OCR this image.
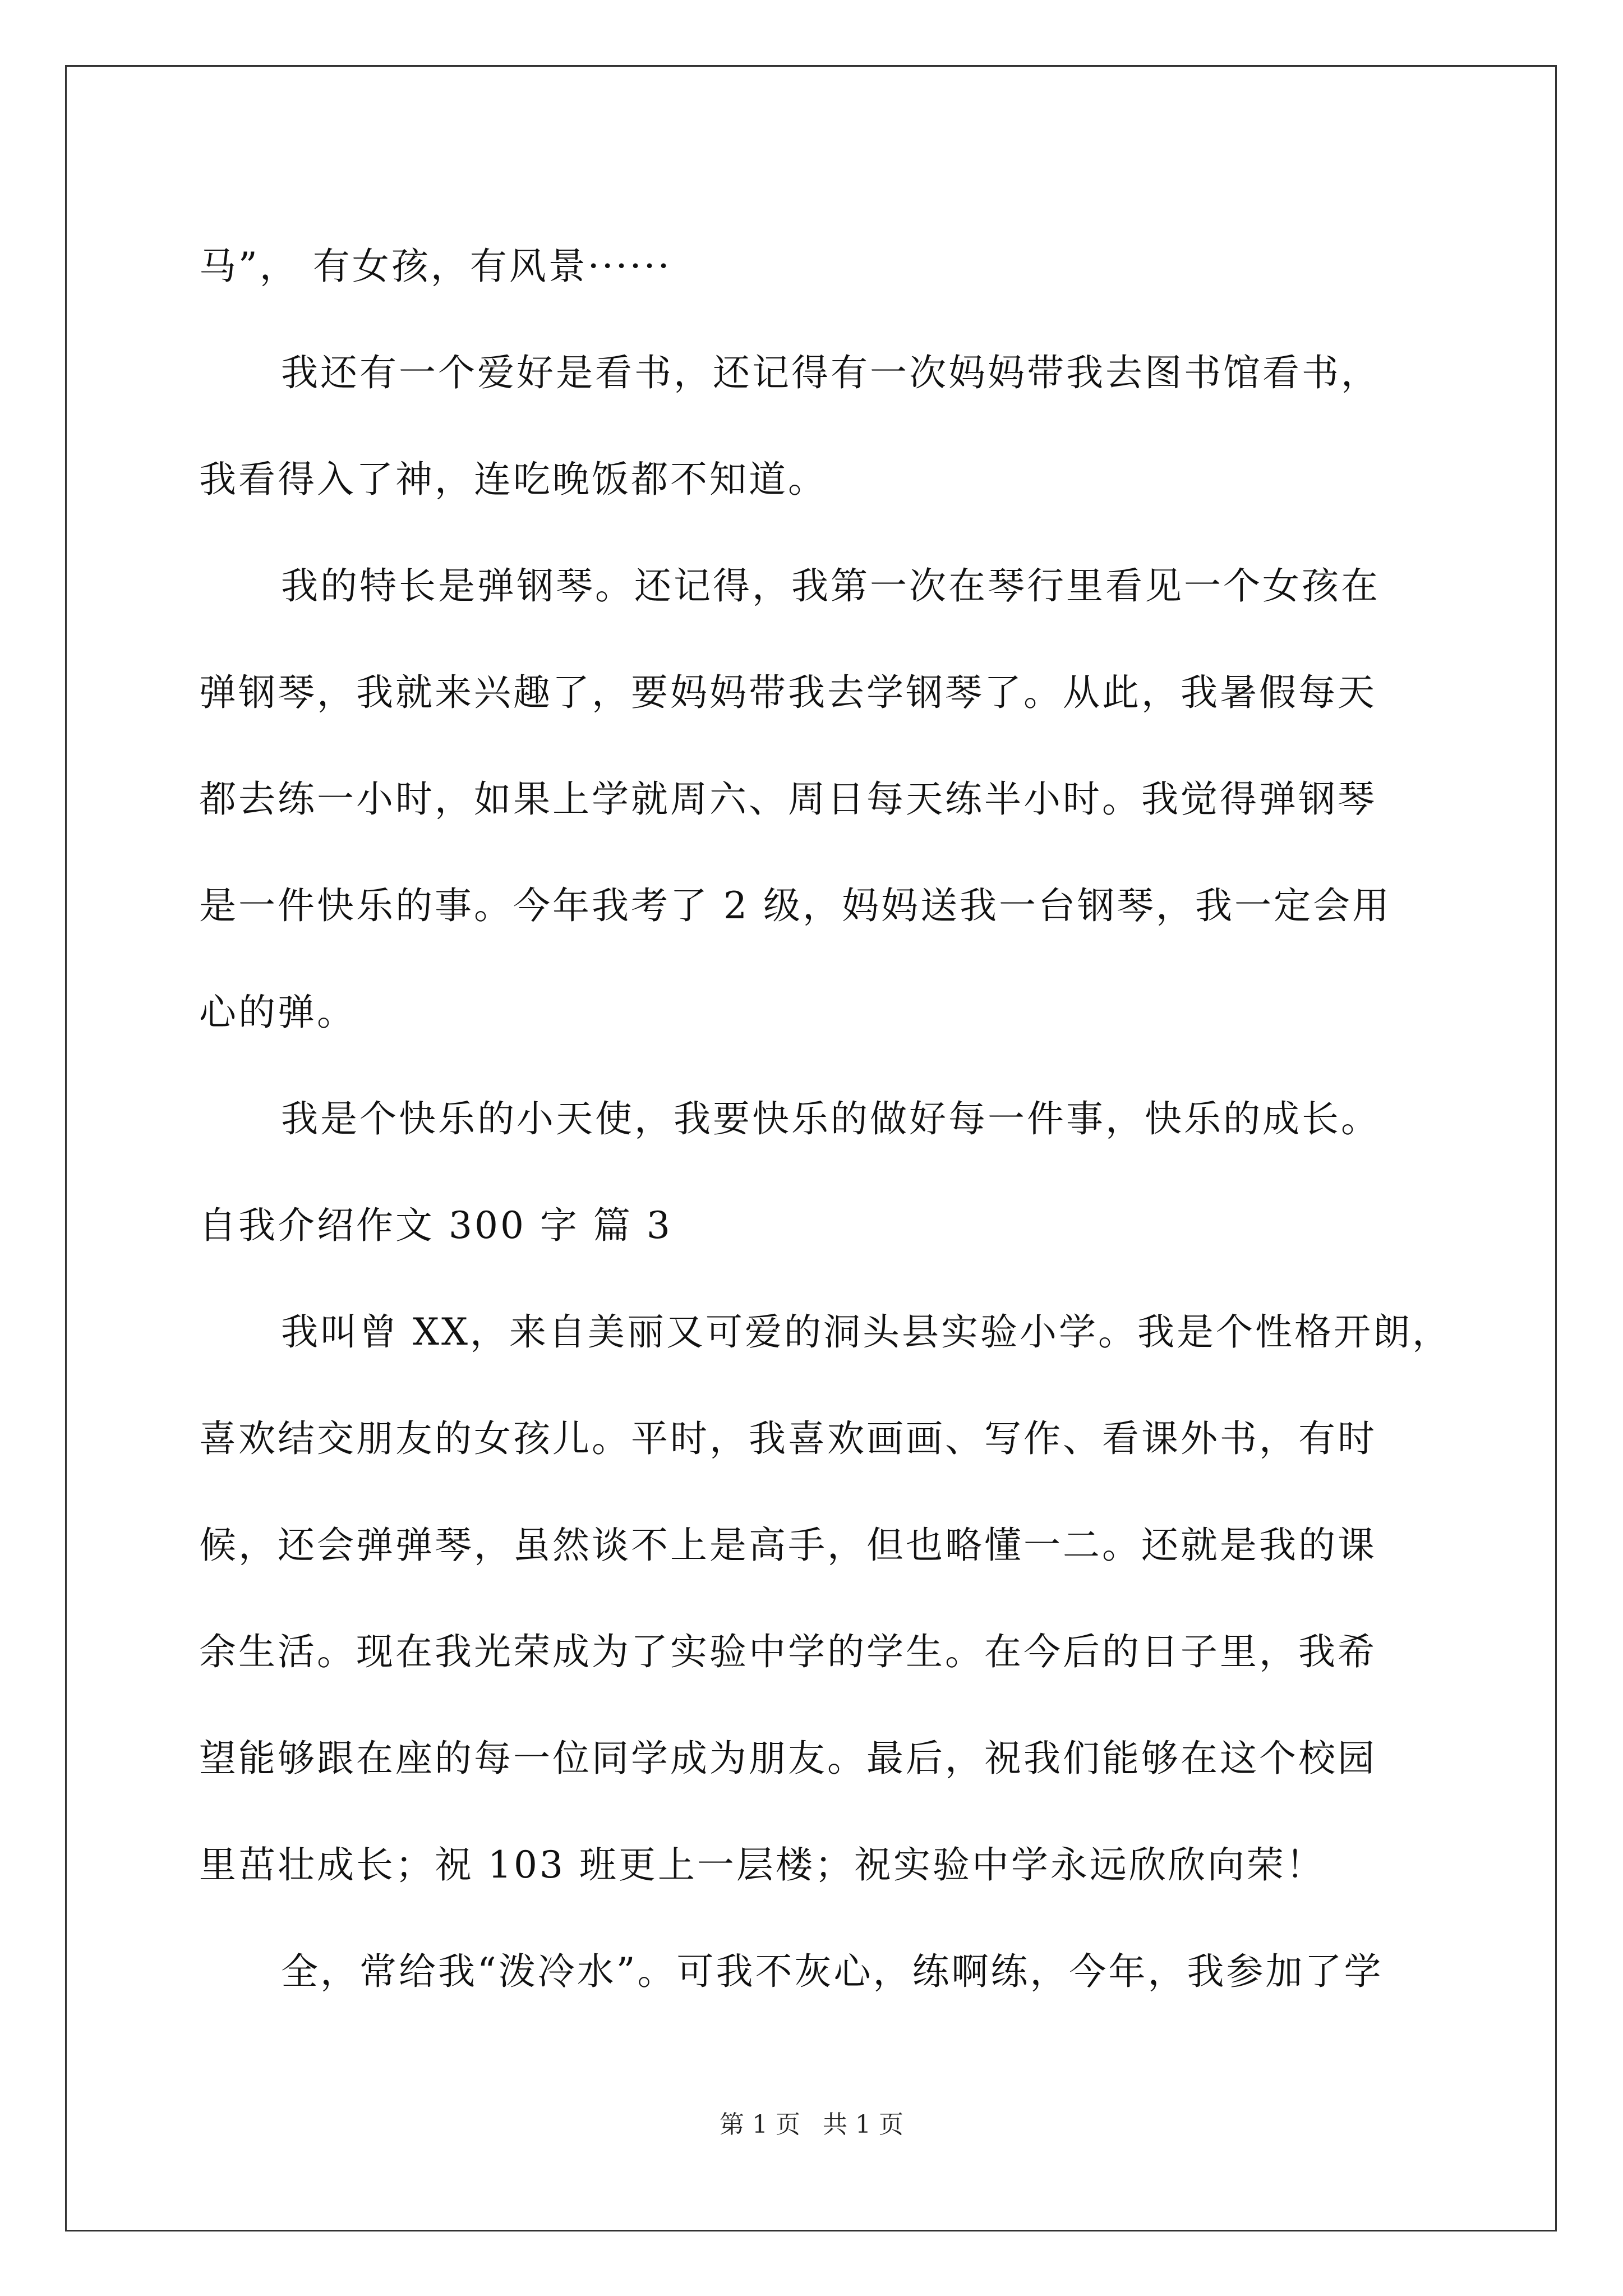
马”， 有女孩，有风景······

我还有一个爱好是看书，还记得有一次妈妈带我去图书馆看书，
我看得入了神，连吃晚饭都不知道。

我的特长是弹钢琴。还记得，我第一次在琴行里看见一个女孩在
弹钢琴，我就来兴趣了，要妈妈带我去学钢琴了。从此，我暑假每天
都去练一小时，如果上学就周六、周日每天练半小时。我觉得弹钢琴
是一件快乐的事。今年我考了 2 级，妈妈送我一台钢琴，我一定会用
心的弹。

我是个快乐的小天使，我要快乐的做好每一件事，快乐的成长。

自我介绍作文 300 字 篇 3

我叫曾 XX，来自美丽又可爱的洞头县实验小学。我是个性格开朗，
喜欢结交朋友的女孩儿。平时，我喜欢画画、写作、看课外书，有时
候，还会弹弹琴，虽然谈不上是高手，但也略懂一二。还就是我的课
余生活。现在我光荣成为了实验中学的学生。在今后的日子里，我希
望能够跟在座的每一位同学成为朋友。最后，祝我们能够在这个校园
里茁壮成长；祝 103 班更上一层楼；祝实验中学永远欣欣向荣！

全，常给我“泼冷水”。可我不灰心，练啊练，今年，我参加了学

第 1 页 共 1 页
